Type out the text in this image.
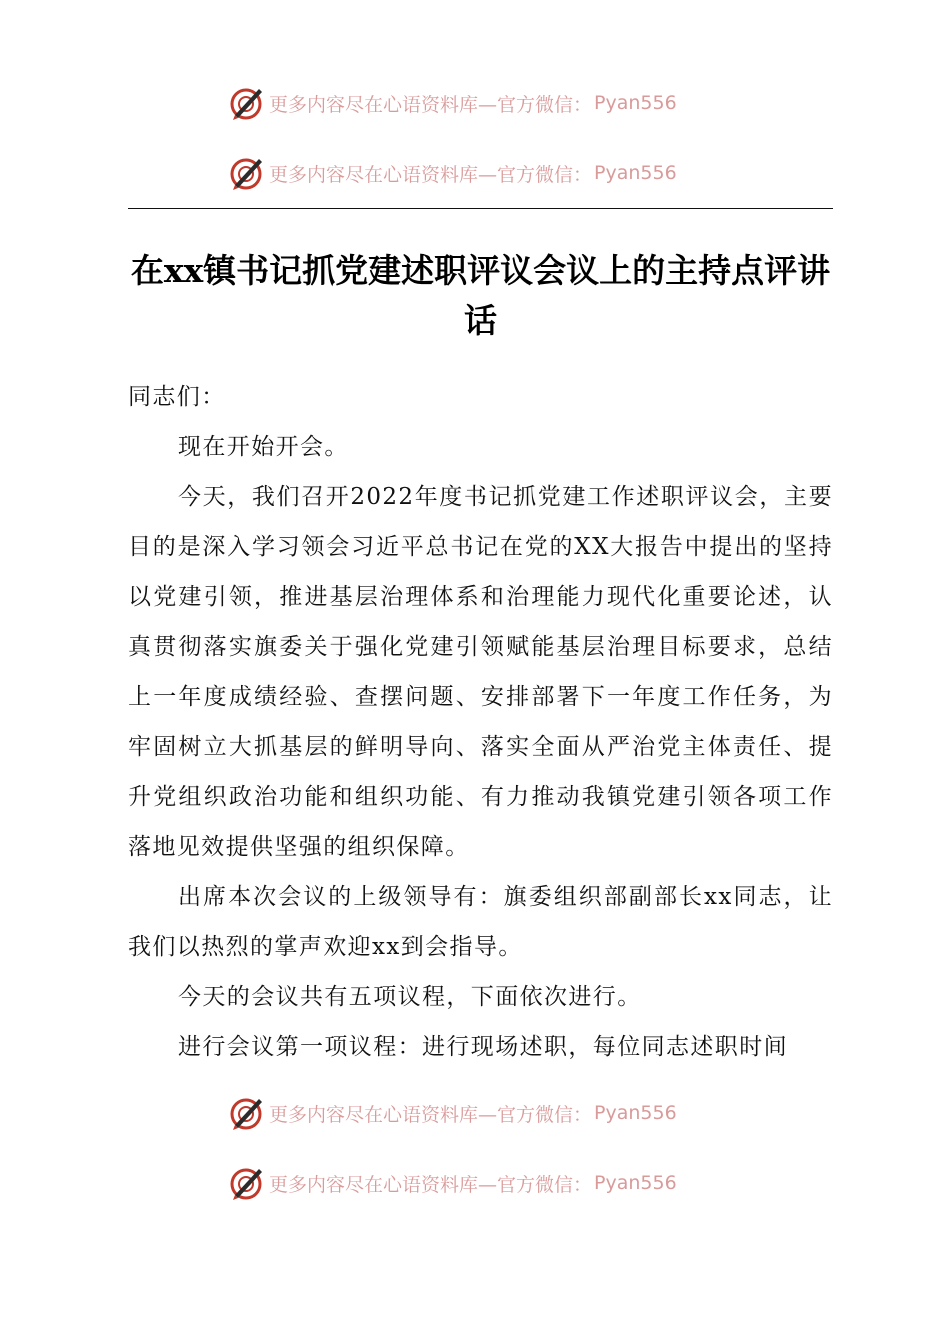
更多内容尽在心语资料库—官方微信： Pyan556
更多内容尽在心语资料库—官方微信： Pyan556
在xx镇书记抓党建述职评议会议上的主持点评讲话

同志们：

现在开始开会。

今天，我们召开2022年度书记抓党建工作述职评议会，主要目的是深入学习领会习近平总书记在党的XX大报告中提出的坚持以党建引领，推进基层治理体系和治理能力现代化重要论述，认真贯彻落实旗委关于强化党建引领赋能基层治理目标要求，总结上一年度成绩经验、查摆问题、安排部署下一年度工作任务，为牢固树立大抓基层的鲜明导向、落实全面从严治党主体责任、提升党组织政治功能和组织功能、有力推动我镇党建引领各项工作落地见效提供坚强的组织保障。

出席本次会议的上级领导有：旗委组织部副部长xx同志，让我们以热烈的掌声欢迎xx到会指导。

今天的会议共有五项议程，下面依次进行。

进行会议第一项议程：进行现场述职，每位同志述职时间

更多内容尽在心语资料库—官方微信： Pyan556
更多内容尽在心语资料库—官方微信： Pyan556
